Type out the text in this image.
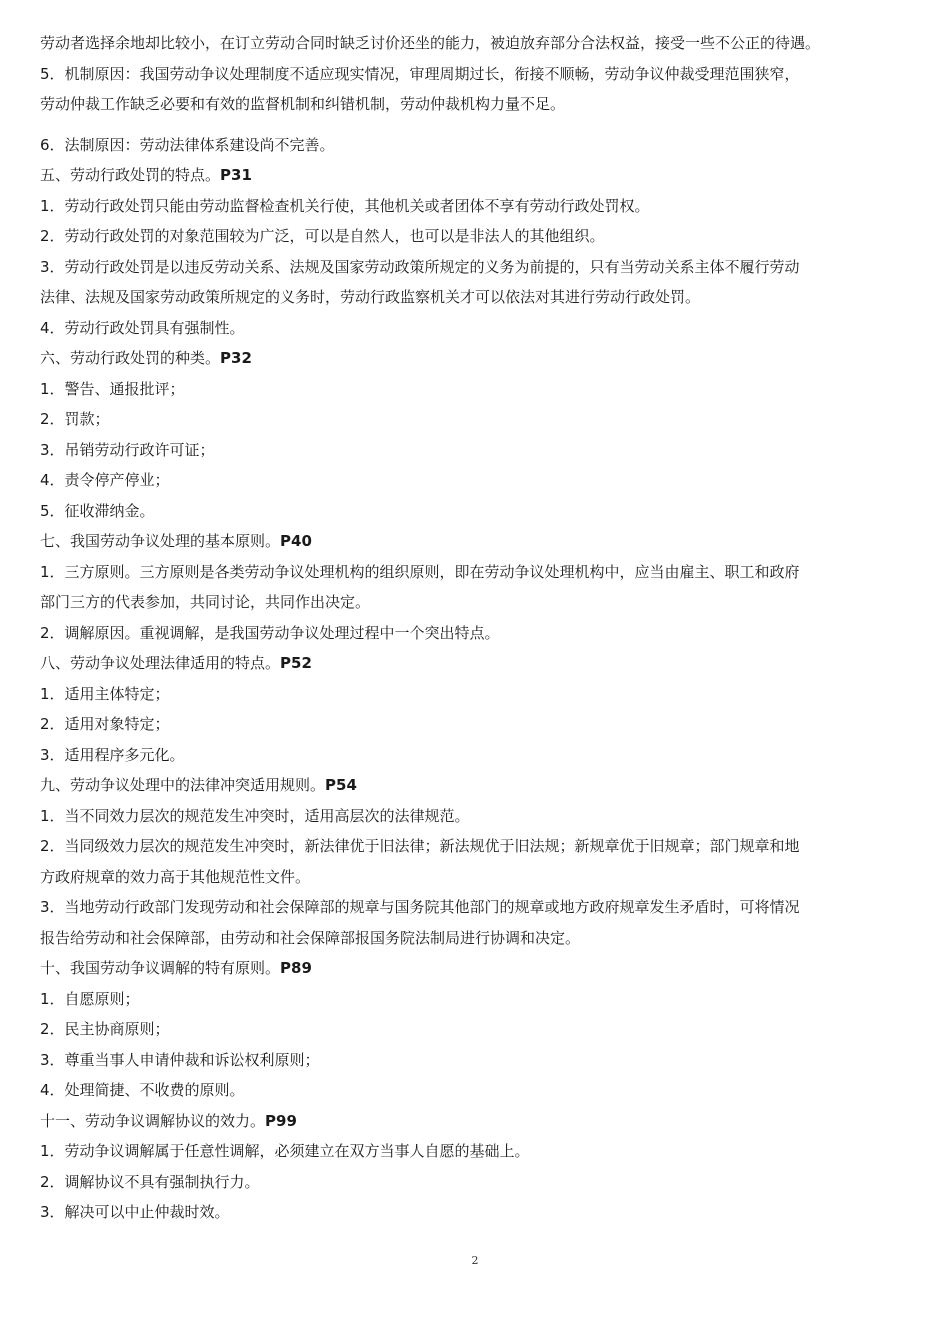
劳动者选择余地却比较小，在订立劳动合同时缺乏讨价还坐的能力，被迫放弃部分合法权益，接受一些不公正的待遇。
5．机制原因：我国劳动争议处理制度不适应现实情况，审理周期过长，衔接不顺畅，劳动争议仲裁受理范围狭窄，
劳动仲裁工作缺乏必要和有效的监督机制和纠错机制，劳动仲裁机构力量不足。
6．法制原因：劳动法律体系建设尚不完善。
五、劳动行政处罚的特点。P31
1．劳动行政处罚只能由劳动监督检查机关行使，其他机关或者团体不享有劳动行政处罚权。
2．劳动行政处罚的对象范围较为广泛，可以是自然人，也可以是非法人的其他组织。
3．劳动行政处罚是以违反劳动关系、法规及国家劳动政策所规定的义务为前提的，只有当劳动关系主体不履行劳动
法律、法规及国家劳动政策所规定的义务时，劳动行政监察机关才可以依法对其进行劳动行政处罚。
4．劳动行政处罚具有强制性。
六、劳动行政处罚的种类。P32
1．警告、通报批评；
2．罚款；
3．吊销劳动行政许可证；
4．责令停产停业；
5．征收滞纳金。
七、我国劳动争议处理的基本原则。P40
1．三方原则。三方原则是各类劳动争议处理机构的组织原则，即在劳动争议处理机构中，应当由雇主、职工和政府
部门三方的代表参加，共同讨论，共同作出决定。
2．调解原因。重视调解，是我国劳动争议处理过程中一个突出特点。
八、劳动争议处理法律适用的特点。P52
1．适用主体特定；
2．适用对象特定；
3．适用程序多元化。
九、劳动争议处理中的法律冲突适用规则。P54
1．当不同效力层次的规范发生冲突时，适用高层次的法律规范。
2．当同级效力层次的规范发生冲突时，新法律优于旧法律；新法规优于旧法规；新规章优于旧规章；部门规章和地
方政府规章的效力高于其他规范性文件。
3．当地劳动行政部门发现劳动和社会保障部的规章与国务院其他部门的规章或地方政府规章发生矛盾时，可将情况
报告给劳动和社会保障部，由劳动和社会保障部报国务院法制局进行协调和决定。
十、我国劳动争议调解的特有原则。P89
1．自愿原则；
2．民主协商原则；
3．尊重当事人申请仲裁和诉讼权利原则；
4．处理简捷、不收费的原则。
十一、劳动争议调解协议的效力。P99
1．劳动争议调解属于任意性调解，必须建立在双方当事人自愿的基础上。
2．调解协议不具有强制执行力。
3．解决可以中止仲裁时效。
2
